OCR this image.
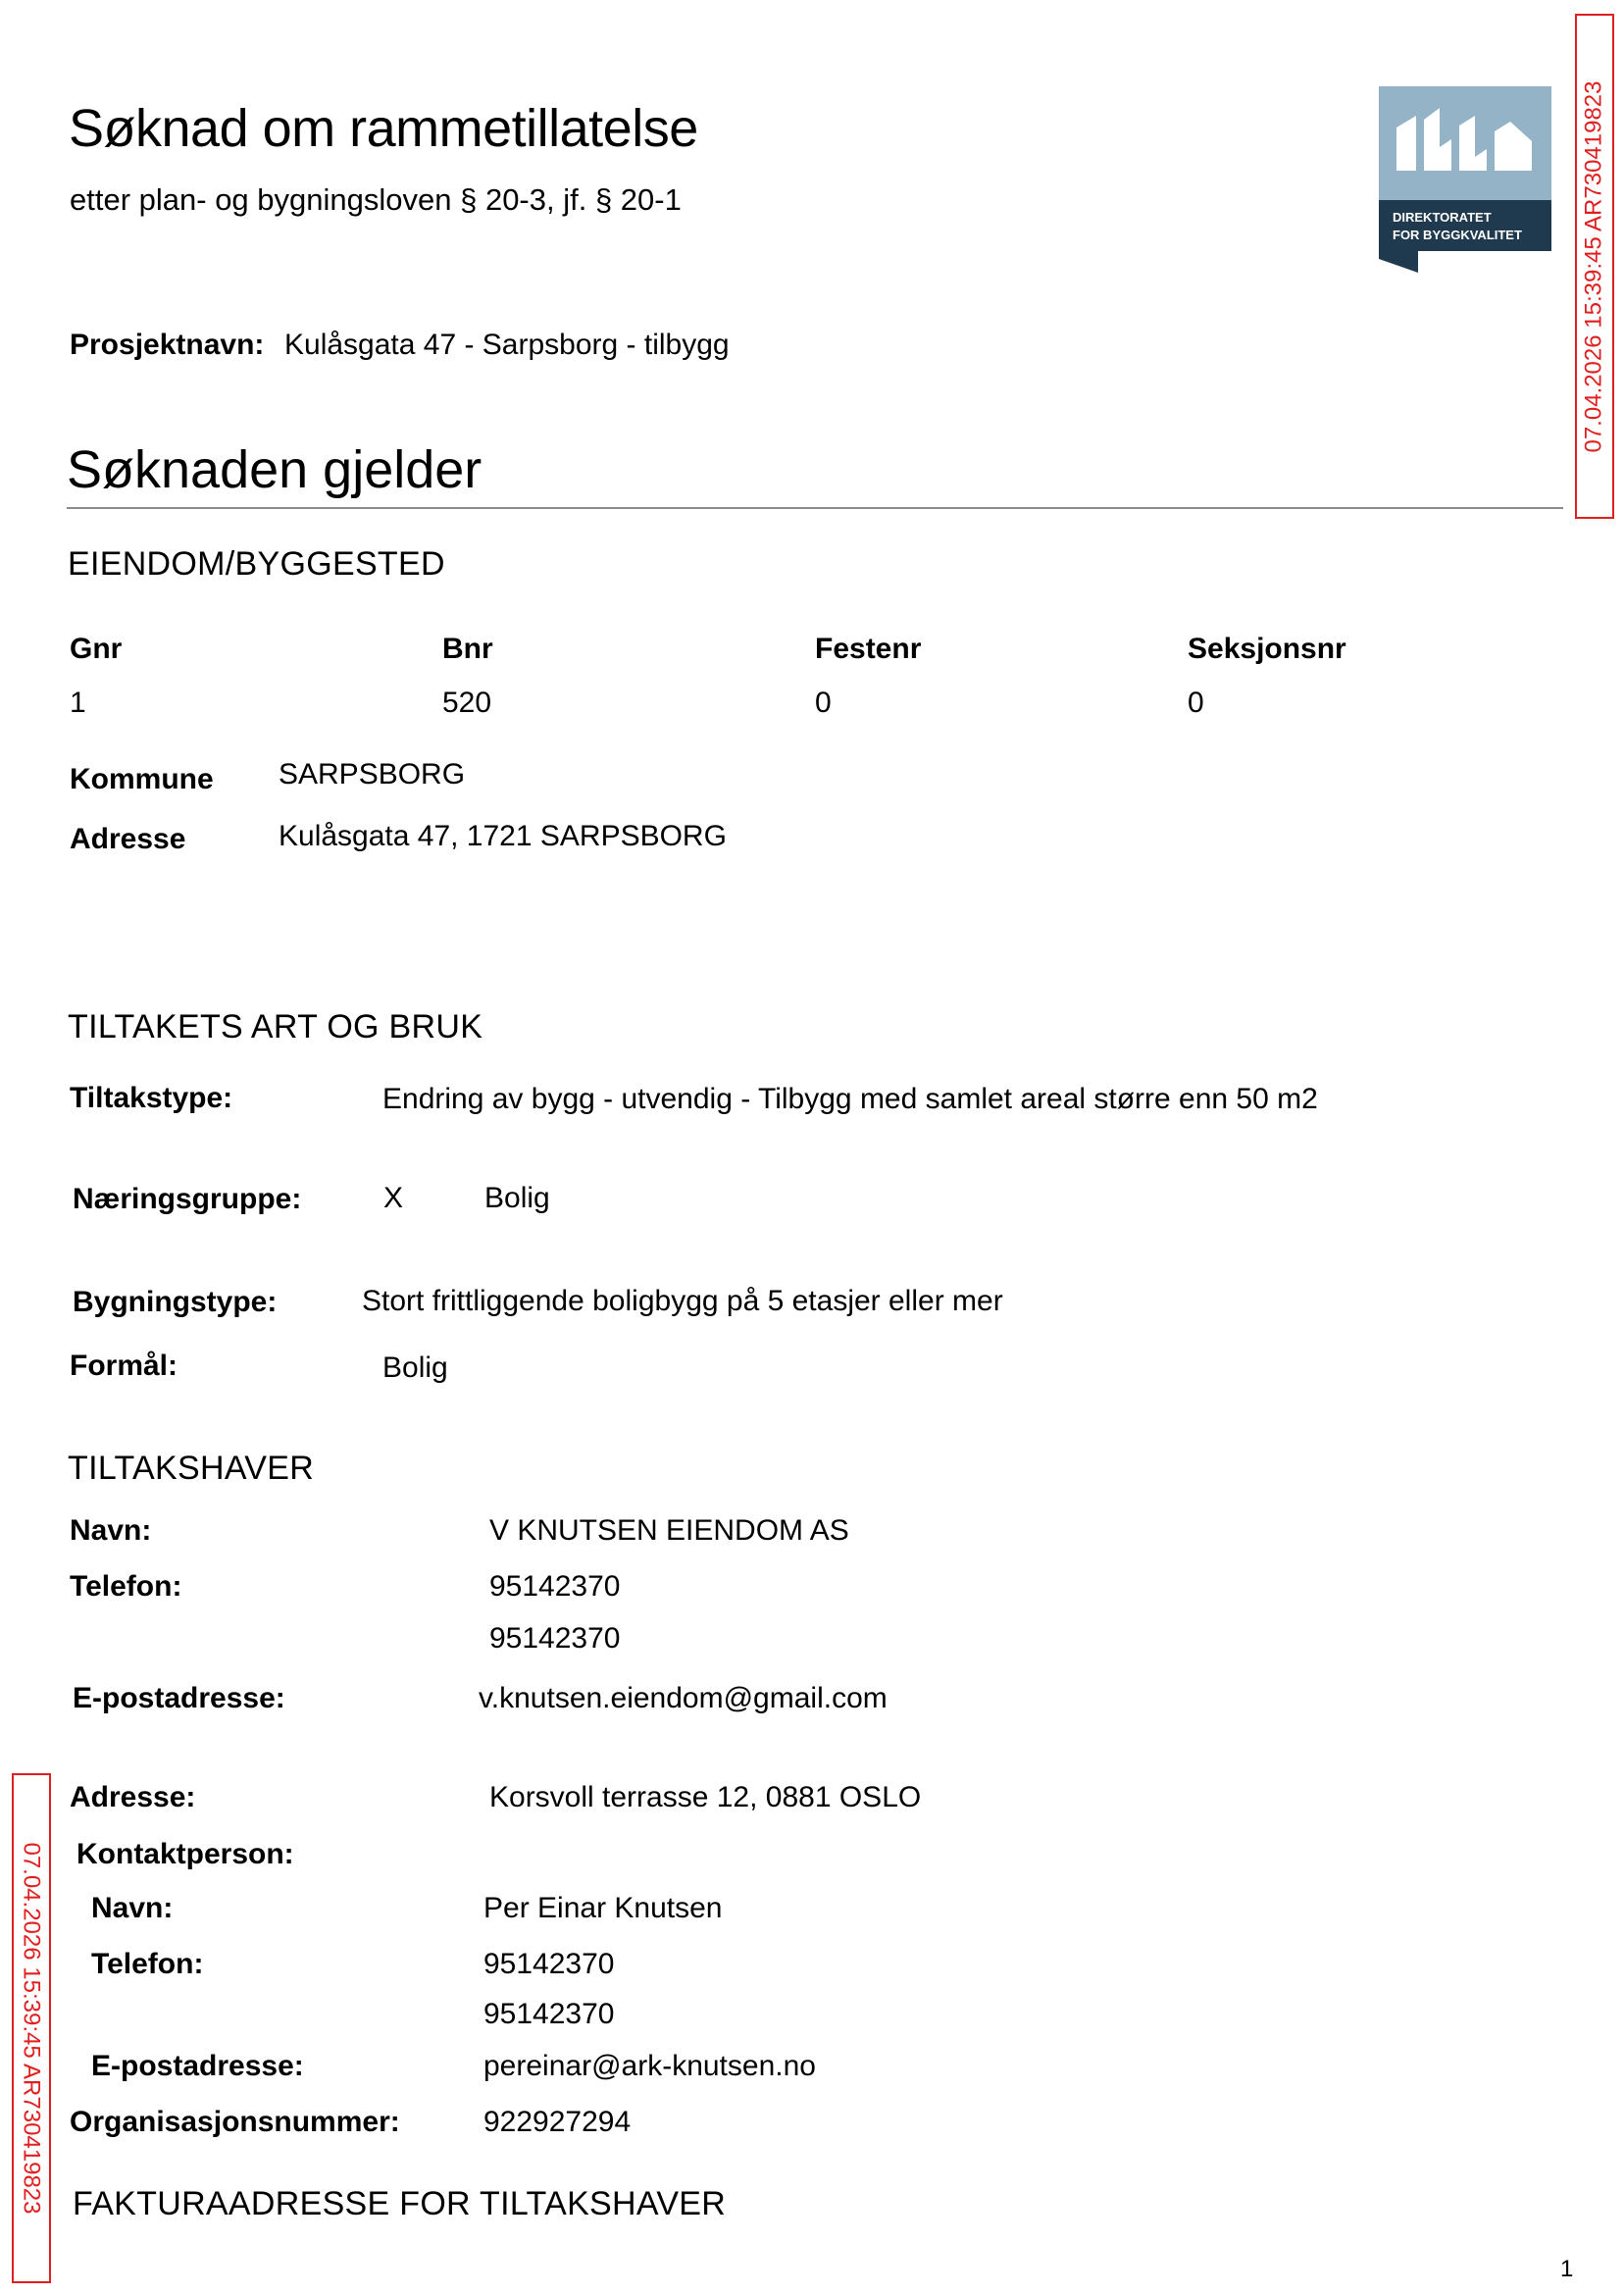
Søknad om rammetillatelse
etter plan- og bygningsloven § 20-3, jf. § 20-1
DIREKTORATET
FOR BYGGKVALITET
Prosjektnavn: Kulåsgata 47 - Sarpsborg - tilbygg
Søknaden gjelder
EIENDOM/BYGGESTED
Gnr	Bnr	Festenr	Seksjonsnr
1	520	0	0
Kommune SARPSBORG
Adresse	Kulåsgata 47, 1721 SARPSBORG
TILTAKETS ART OG BRUK
Tiltakstype:	Endring av bygg - utvendig - Tilbygg med samlet areal større enn 50 m2
Næringsgruppe:	X	Bolig
Bygningstype:	Stort frittliggende boligbygg på 5 etasjer eller mer
Formål:	Bolig
TILTAKSHAVER
Navn:	V KNUTSEN EIENDOM AS
Telefon:	95142370
95142370
E-postadresse:	v.knutsen.eiendom@gmail.com
Adresse:	Korsvoll terrasse 12, 0881 OSLO
Kontaktperson:
Navn:	Per Einar Knutsen
Telefon:	95142370
95142370
E-postadresse:	pereinar@ark-knutsen.no
Organisasjonsnummer:	922927294
FAKTURAADRESSE FOR TILTAKSHAVER
07.04.2026 15:39:45 AR730419823
07.04.2026 15:39:45 AR730419823
1
